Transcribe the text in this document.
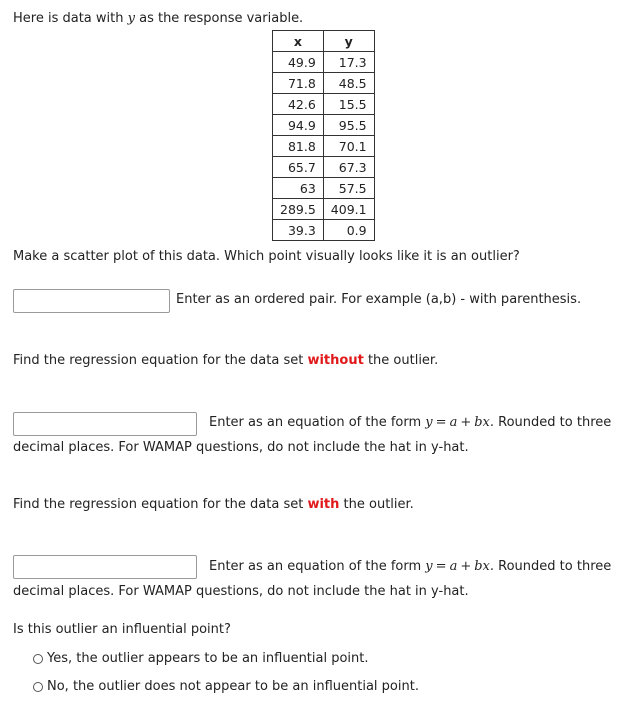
Here is data with y as the response variable.
x	y
49.9	17.3
71.8	48.5
42.6	15.5
94.9	95.5
81.8	70.1
65.7	67.3
63	57.5
289.5	409.1
39.3	0.9
Make a scatter plot of this data. Which point visually looks like it is an outlier?
Enter as an ordered pair. For example (a,b) - with parenthesis.
Find the regression equation for the data set without the outlier.
Enter as an equation of the form y = a + bx. Rounded to three
decimal places. For WAMAP questions, do not include the hat in y-hat.
Find the regression equation for the data set with the outlier.
Enter as an equation of the form y = a + bx. Rounded to three
decimal places. For WAMAP questions, do not include the hat in y-hat.
Is this outlier an influential point?
Yes, the outlier appears to be an influential point.
No, the outlier does not appear to be an influential point.
